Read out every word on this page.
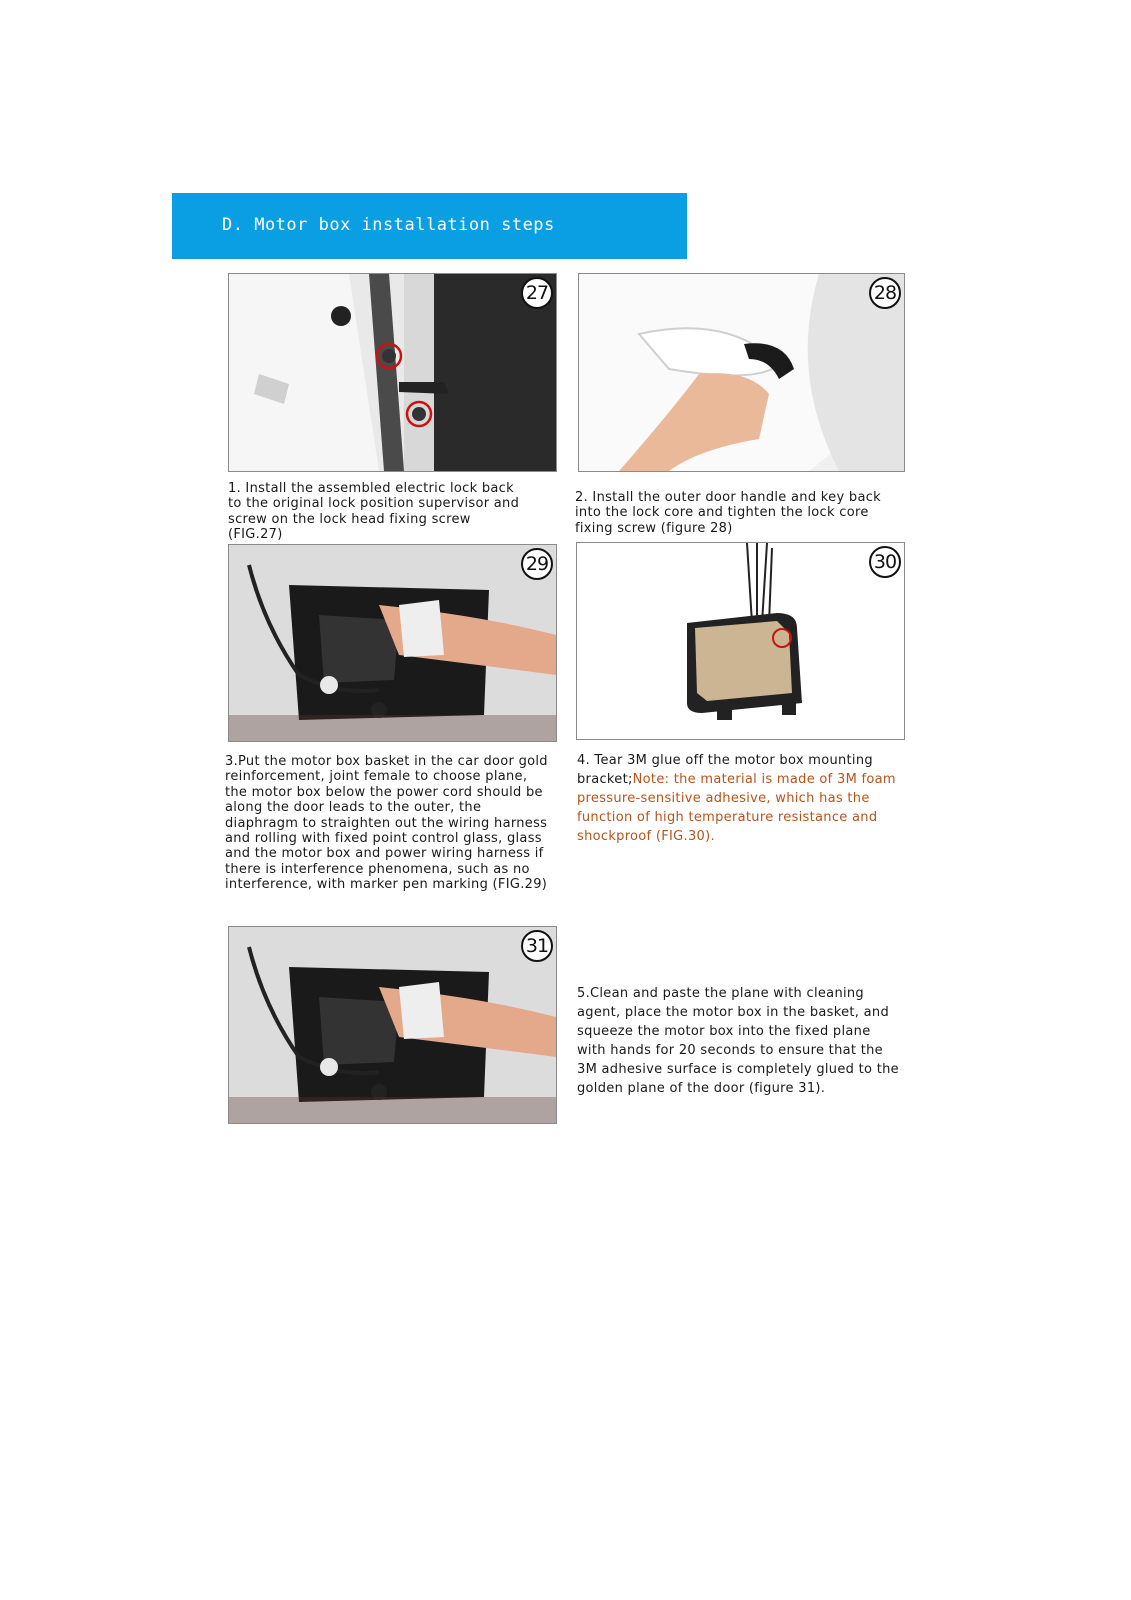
D. Motor box installation steps
27	28
29	30
31
1. Install the assembled electric lock back to the original lock position supervisor and screw on the lock head fixing screw (FIG.27)
2. Install the outer door handle and key back into the lock core and tighten the lock core fixing screw (figure 28)
3.Put the motor box basket in the car door gold reinforcement, joint female to choose plane, the motor box below the power cord should be along the door leads to the outer, the diaphragm to straighten out the wiring harness and rolling with fixed point control glass, glass and the motor box and power wiring harness if there is interference phenomena, such as no interference, with marker pen marking (FIG.29)
4. Tear 3M glue off the motor box mounting bracket;Note: the material is made of 3M foam pressure-sensitive adhesive, which has the function of high temperature resistance and shockproof (FIG.30).
5.Clean and paste the plane with cleaning agent, place the motor box in the basket, and squeeze the motor box into the fixed plane with hands for 20 seconds to ensure that the 3M adhesive surface is completely glued to the golden plane of the door (figure 31).
